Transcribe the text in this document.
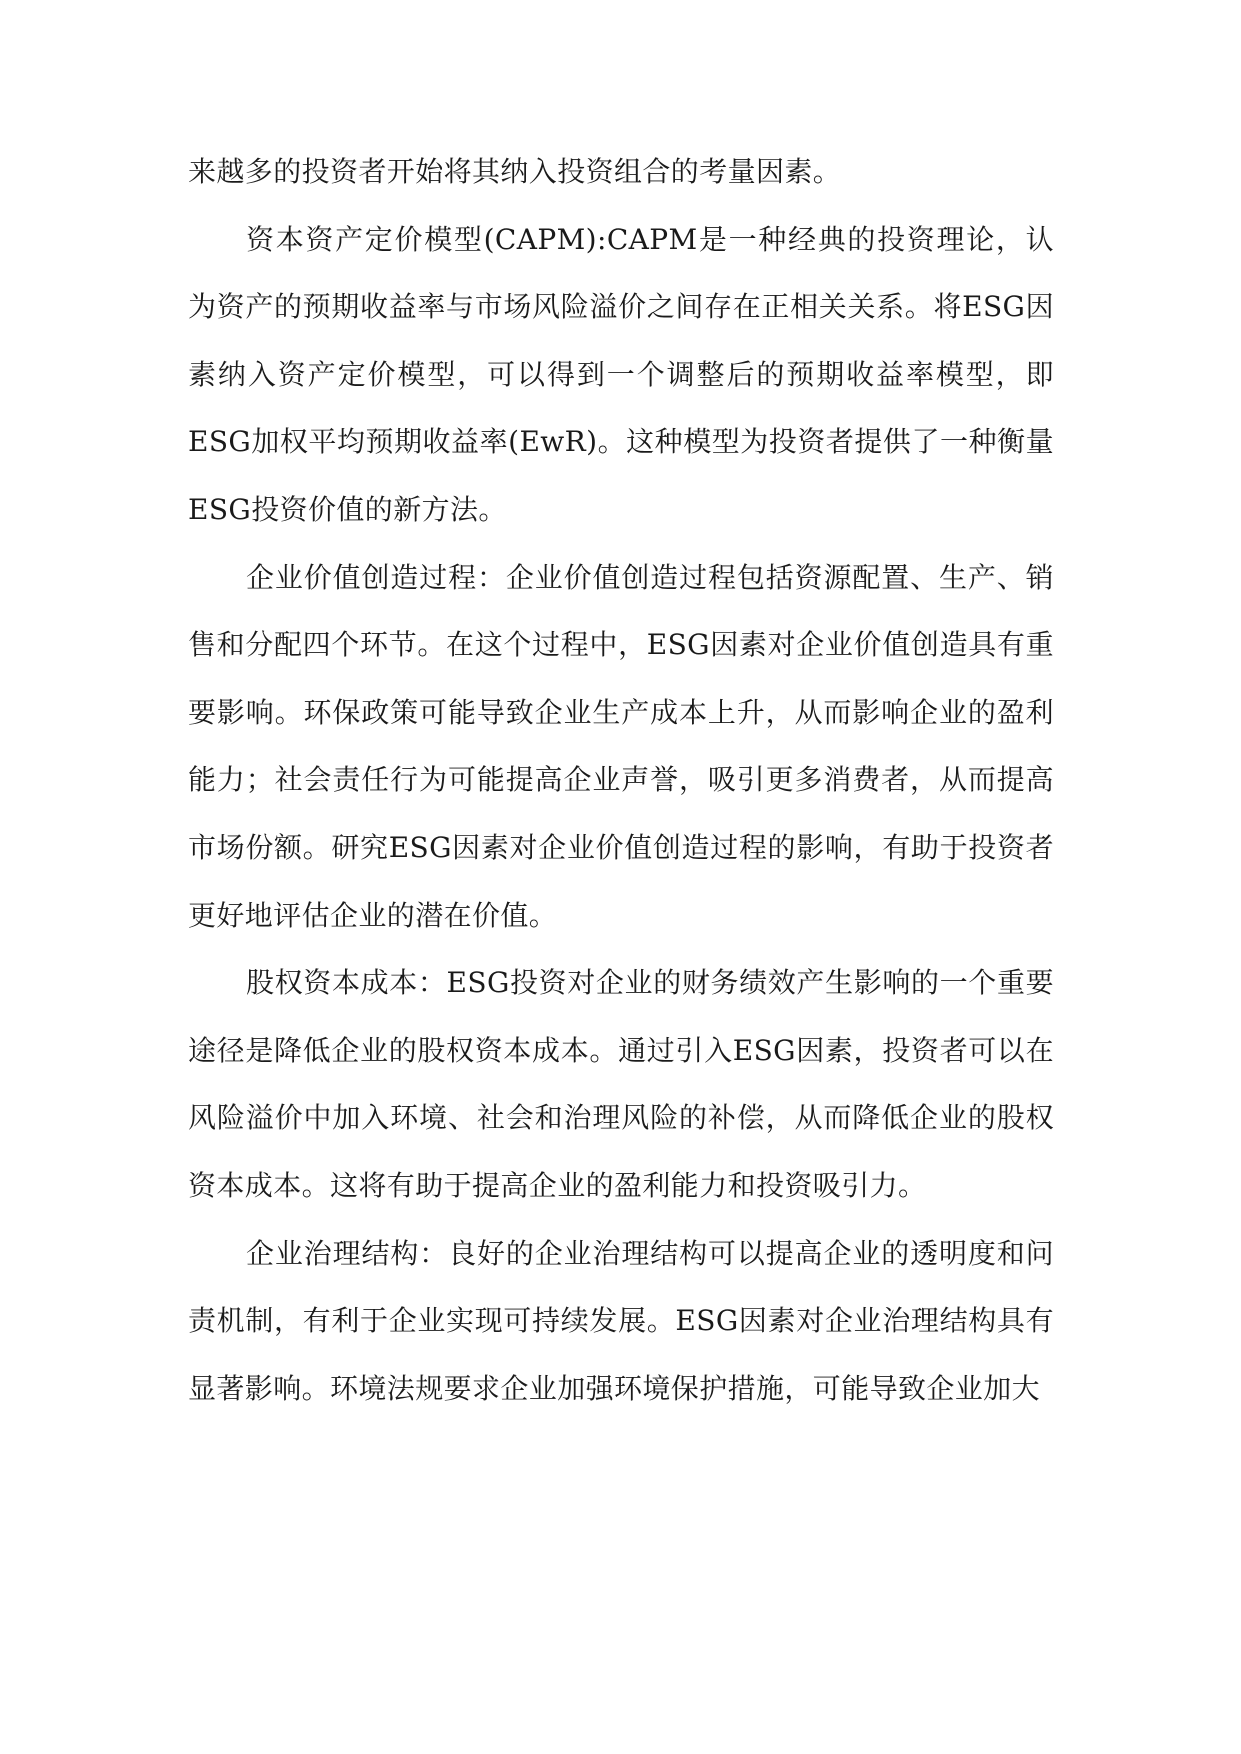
来越多的投资者开始将其纳入投资组合的考量因素。

资本资产定价模型(CAPM):CAPM是一种经典的投资理论，认为资产的预期收益率与市场风险溢价之间存在正相关关系。将ESG因素纳入资产定价模型，可以得到一个调整后的预期收益率模型，即ESG加权平均预期收益率(EwR)。这种模型为投资者提供了一种衡量ESG投资价值的新方法。

企业价值创造过程：企业价值创造过程包括资源配置、生产、销售和分配四个环节。在这个过程中，ESG因素对企业价值创造具有重要影响。环保政策可能导致企业生产成本上升，从而影响企业的盈利能力；社会责任行为可能提高企业声誉，吸引更多消费者，从而提高市场份额。研究ESG因素对企业价值创造过程的影响，有助于投资者更好地评估企业的潜在价值。

股权资本成本：ESG投资对企业的财务绩效产生影响的一个重要途径是降低企业的股权资本成本。通过引入ESG因素，投资者可以在风险溢价中加入环境、社会和治理风险的补偿，从而降低企业的股权资本成本。这将有助于提高企业的盈利能力和投资吸引力。

企业治理结构：良好的企业治理结构可以提高企业的透明度和问责机制，有利于企业实现可持续发展。ESG因素对企业治理结构具有显著影响。环境法规要求企业加强环境保护措施，可能导致企业加大
